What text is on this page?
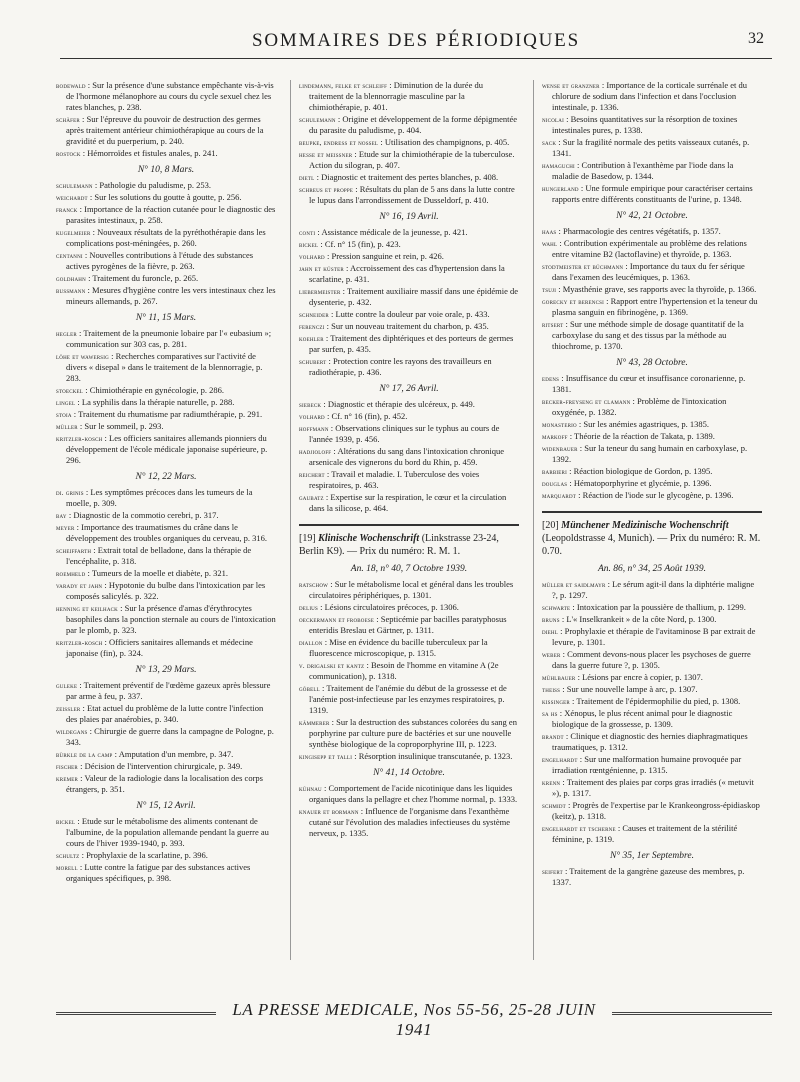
SOMMAIRES DES PÉRIODIQUES	32
bodewald : Sur la présence d'une substance empêchante vis-à-vis de l'hormone mélanophore au cours du cycle sexuel chez les rates blanches, p. 238.
schäfer : Sur l'épreuve du pouvoir de destruction des germes après traitement antérieur chimiothérapique au cours de la gravidité et du puerperium, p. 240.
rostock : Hémorroïdes et fistules anales, p. 241.
N° 10, 8 Mars.
schulemann : Pathologie du paludisme, p. 253.
weichardt : Sur les solutions du goutte à goutte, p. 256.
franck : Importance de la réaction cutanée pour le diagnostic des parasites intestinaux, p. 258.
kugelmeier : Nouveaux résultats de la pyréthothérapie dans les complications post-méningées, p. 260.
centanni : Nouvelles contributions à l'étude des substances actives pyrogènes de la fièvre, p. 263.
goldhahn : Traitement du furoncle, p. 265.
bussmann : Mesures d'hygiène contre les vers intestinaux chez les mineurs allemands, p. 267.
N° 11, 15 Mars.
hegler : Traitement de la pneumonie lobaire par l'« eubasium »; communication sur 303 cas, p. 281.
löhe et wawersig : Recherches comparatives sur l'activité de divers « disepal » dans le traitement de la blennorragie, p. 283.
stoeckel : Chimiothérapie en gynécologie, p. 286.
lingel : La syphilis dans la thérapie naturelle, p. 288.
stoia : Traitement du rhumatisme par radiumthérapie, p. 291.
müller : Sur le sommeil, p. 293.
kritzler-kosch : Les officiers sanitaires allemands pionniers du développement de l'école médicale japonaise supérieure, p. 296.
N° 12, 22 Mars.
di. grinis : Les symptômes précoces dans les tumeurs de la moelle, p. 309.
bay : Diagnostic de la commotio cerebri, p. 317.
meyer : Importance des traumatismes du crâne dans le développement des troubles organiques du cerveau, p. 316.
scheiffarth : Extrait total de belladone, dans la thérapie de l'encéphalite, p. 318.
roemheld : Tumeurs de la moelle et diabète, p. 321.
varady et jahn : Hypotonie du bulbe dans l'intoxication par les composés salicylés. p. 322.
henning et keilhack : Sur la présence d'amas d'érythrocytes basophiles dans la ponction sternale au cours de l'intoxication par le plomb, p. 323.
kritzler-kosch : Officiers sanitaires allemands et médecine japonaise (fin), p. 324.
N° 13, 29 Mars.
guleke : Traitement préventif de l'œdème gazeux après blessure par arme à feu, p. 337.
zeissler : Etat actuel du problème de la lutte contre l'infection des plaies par anaérobies, p. 340.
wildegans : Chirurgie de guerre dans la campagne de Pologne, p. 343.
bürkle de la camp : Amputation d'un membre, p. 347.
fischer : Décision de l'intervention chirurgicale, p. 349.
kremer : Valeur de la radiologie dans la localisation des corps étrangers, p. 351.
N° 15, 12 Avril.
bickel : Etude sur le métabolisme des aliments contenant de l'albumine, de la population allemande pendant la guerre au cours de l'hiver 1939-1940, p. 393.
schultz : Prophylaxie de la scarlatine, p. 396.
morell : Lutte contre la fatigue par des substances actives organiques spécifiques, p. 398.
lindemann, felke et schleiff : Diminution de la durée du traitement de la blennorragie masculine par la chimiothérapie, p. 401.
schulemann : Origine et développement de la forme dépigmentée du parasite du paludisme, p. 404.
beupke, endress et nossel : Utilisation des champignons, p. 405.
hesse et meissner : Etude sur la chimiothérapie de la tuberculose. Action du silogran, p. 407.
dietl : Diagnostic et traitement des pertes blanches, p. 408.
schreus et proppe : Résultats du plan de 5 ans dans la lutte contre le lupus dans l'arrondissement de Dusseldorf, p. 410.
N° 16, 19 Avril.
conti : Assistance médicale de la jeunesse, p. 421.
bickel : Cf. n° 15 (fin), p. 423.
volhard : Pression sanguine et rein, p. 426.
jahn et küster : Accroissement des cas d'hypertension dans la scarlatine, p. 431.
liebermeister : Traitement auxiliaire massif dans une épidémie de dysenterie, p. 432.
schneider : Lutte contre la douleur par voie orale, p. 433.
ferenczi : Sur un nouveau traitement du charbon, p. 435.
koehler : Traitement des diphtériques et des porteurs de germes par surfen, p. 435.
schubert : Protection contre les rayons des travailleurs en radiothérapie, p. 436.
N° 17, 26 Avril.
siebeck : Diagnostic et thérapie des ulcéreux, p. 449.
volhard : Cf. n° 16 (fin), p. 452.
hoffmann : Observations cliniques sur le typhus au cours de l'année 1939, p. 456.
hadjioloff : Altérations du sang dans l'intoxication chronique arsenicale des vignerons du bord du Rhin, p. 459.
reichert : Travail et maladie. I. Tuberculose des voies respiratoires, p. 463.
gaubatz : Expertise sur la respiration, le cœur et la circulation dans la silicose, p. 464.
[19] Klinische Wochenschrift (Linkstrasse 23-24, Berlin K9). — Prix du numéro: R. M. 1.
An. 18, n° 40, 7 Octobre 1939.
ratschow : Sur le métabolisme local et général dans les troubles circulatoires périphériques, p. 1301.
delius : Lésions circulatoires précoces, p. 1306.
oeckermann et froboese : Septicémie par bacilles paratyphosus enteridis Breslau et Gärtner, p. 1311.
diallon : Mise en évidence du bacille tuberculeux par la fluorescence microscopique, p. 1315.
v. drigalski et kantz : Besoin de l'homme en vitamine A (2e communication), p. 1318.
göbell : Traitement de l'anémie du début de la grossesse et de l'anémie post-infectieuse par les enzymes respiratoires, p. 1319.
kämmerer : Sur la destruction des substances colorées du sang en porphyrine par culture pure de bactéries et sur une nouvelle synthèse biologique de la coproporphyrine III, p. 1223.
kingisepp et talli : Résorption insulinique transcutanée, p. 1323.
N° 41, 14 Octobre.
kühnau : Comportement de l'acide nicotinique dans les liquides organiques dans la pellagre et chez l'homme normal, p. 1333.
knauer et bormann : Influence de l'organisme dans l'exanthème cutané sur l'évolution des maladies infectieuses du système nerveux, p. 1335.
wense et granzner : Importance de la corticale surrénale et du chlorure de sodium dans l'infection et dans l'occlusion intestinale, p. 1336.
nicolai : Besoins quantitatives sur la résorption de toxines intestinales pures, p. 1338.
sack : Sur la fragilité normale des petits vaisseaux cutanés, p. 1341.
hamaguchi : Contribution à l'exanthème par l'iode dans la maladie de Basedow, p. 1344.
hungerland : Une formule empirique pour caractériser certains rapports entre différents constituants de l'urine, p. 1348.
N° 42, 21 Octobre.
haas : Pharmacologie des centres végétatifs, p. 1357.
wahl : Contribution expérimentale au problème des relations entre vitamine B2 (lactoflavine) et thyroïde, p. 1363.
stodtmeister et büchmann : Importance du taux du fer sérique dans l'examen des leucémiques, p. 1363.
tsuji : Myasthénie grave, ses rapports avec la thyroïde, p. 1366.
gorecky et berencsi : Rapport entre l'hypertension et la teneur du plasma sanguin en fibrinogène, p. 1369.
ritsert : Sur une méthode simple de dosage quantitatif de la carboxylase du sang et des tissus par la méthode au thiochrome, p. 1370.
N° 43, 28 Octobre.
edens : Insuffisance du cœur et insuffisance coronarienne, p. 1381.
becker-freyseng et clamann : Problème de l'intoxication oxygénée, p. 1382.
monasterio : Sur les anémies agastriques, p. 1385.
markoff : Théorie de la réaction de Takata, p. 1389.
widenbauer : Sur la teneur du sang humain en carboxylase, p. 1392.
barbieri : Réaction biologique de Gordon, p. 1395.
douglas : Hématoporphyrine et glycémie, p. 1396.
marquardt : Réaction de l'iode sur le glycogène, p. 1396.
[20] Münchener Medizinische Wochenschrift (Leopoldstrasse 4, Munich). — Prix du numéro: R. M. 0.70.
An. 86, n° 34, 25 Août 1939.
müller et saidlmayr : Le sérum agit-il dans la diphtérie maligne ?, p. 1297.
schwarte : Intoxication par la poussière de thallium, p. 1299.
bruns : L'« Inselkrankeit » de la côte Nord, p. 1300.
diehl : Prophylaxie et thérapie de l'avitaminose B par extrait de levure, p. 1301.
weber : Comment devons-nous placer les psychoses de guerre dans la guerre future ?, p. 1305.
mühlbauer : Lésions par encre à copier, p. 1307.
theiss : Sur une nouvelle lampe à arc, p. 1307.
kissinger : Traitement de l'épidermophilie du pied, p. 1308.
sa hs : Xénopus, le plus récent animal pour le diagnostic biologique de la grossesse, p. 1309.
brandt : Clinique et diagnostic des hernies diaphragmatiques traumatiques, p. 1312.
engelhardt : Sur une malformation humaine provoquée par irradiation rœntgénienne, p. 1315.
krenn : Traitement des plaies par corps gras irradiés (« metuvit »), p. 1317.
schmidt : Progrès de l'expertise par le Krankeongross-épidiaskop (keitz), p. 1318.
engelhardt et tscherne : Causes et traitement de la stérilité féminine, p. 1319.
N° 35, 1er Septembre.
seifert : Traitement de la gangrène gazeuse des membres, p. 1337.
LA PRESSE MEDICALE, Nos 55-56, 25-28 JUIN 1941
